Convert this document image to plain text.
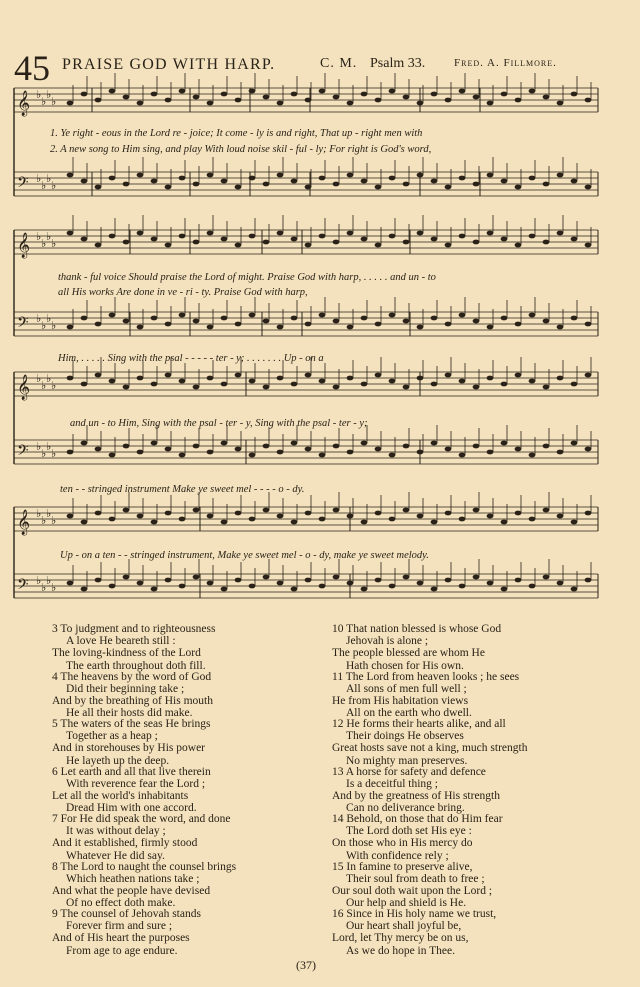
45 PRAISE GOD WITH HARP.	C. M. Psalm 33.	Fred. A. Fillmore.
♭
♭
♭
♭
♭
♭
♭
♭
𝄞
𝄢
♭
♭
♭
♭
♭
♭
♭
♭
𝄞
𝄢
♭
♭
♭
♭
♭
♭
♭
♭
𝄞
𝄢
♭
♭
♭
♭
♭
♭
♭
♭
𝄞
𝄢
1. Ye right - eous in the Lord re - joice; It come - ly is and right, That up - right men with
2. A new song to Him sing, and play With loud noise skil - ful - ly; For right is God's word,
thank - ful voice Should praise the Lord of might. Praise God with harp, . . . . . and un - to
all His works Are done in ve - ri - ty. Praise God with harp,
Him, . . . . . Sing with the psal - - - - - ter - y; . . . . . . . Up - on a
and un - to Him, Sing with the psal - ter - y, Sing with the psal - ter - y;
ten - - stringed instrument Make ye sweet mel - - - - o - dy.
Up - on a ten - - stringed instrument, Make ye sweet mel - o - dy, make ye sweet melody.
3 To judgment and to righteousness
A love He beareth still :
The loving-kindness of the Lord
The earth throughout doth fill.
4 The heavens by the word of God
Did their beginning take ;
And by the breathing of His mouth
He all their hosts did make.
5 The waters of the seas He brings
Together as a heap ;
And in storehouses by His power
He layeth up the deep.
6 Let earth and all that live therein
With reverence fear the Lord ;
Let all the world's inhabitants
Dread Him with one accord.
7 For He did speak the word, and done
It was without delay ;
And it established, firmly stood
Whatever He did say.
8 The Lord to naught the counsel brings
Which heathen nations take ;
And what the people have devised
Of no effect doth make.
9 The counsel of Jehovah stands
Forever firm and sure ;
And of His heart the purposes
From age to age endure.
10 That nation blessed is whose God
Jehovah is alone ;
The people blessed are whom He
Hath chosen for His own.
11 The Lord from heaven looks ; he sees
All sons of men full well ;
He from His habitation views
All on the earth who dwell.
12 He forms their hearts alike, and all
Their doings He observes
Great hosts save not a king, much strength
No mighty man preserves.
13 A horse for safety and defence
Is a deceitful thing ;
And by the greatness of His strength
Can no deliverance bring.
14 Behold, on those that do Him fear
The Lord doth set His eye :
On those who in His mercy do
With confidence rely ;
15 In famine to preserve alive,
Their soul from death to free ;
Our soul doth wait upon the Lord ;
Our help and shield is He.
16 Since in His holy name we trust,
Our heart shall joyful be,
Lord, let Thy mercy be on us,
As we do hope in Thee.
(37)
